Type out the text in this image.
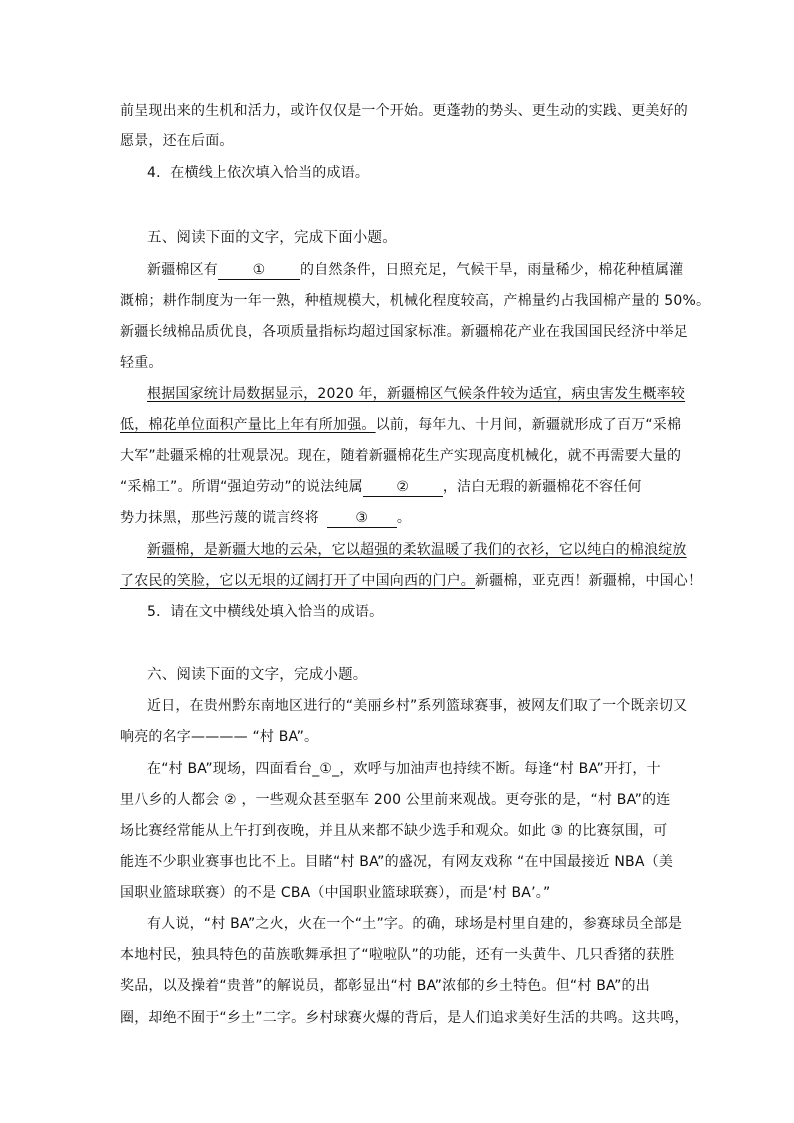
前呈现出来的生机和活力，或许仅仅是一个开始。更蓬勃的势头、更生动的实践、更美好的
愿景，还在后面。
4．在横线上依次填入恰当的成语。
五、阅读下面的文字，完成下面小题。
新疆棉区有 ① 的自然条件，日照充足，气候干旱，雨量稀少，棉花种植属灌
溉棉；耕作制度为一年一熟，种植规模大，机械化程度较高，产棉量约占我国棉产量的 50%。
新疆长绒棉品质优良，各项质量指标均超过国家标准。新疆棉花产业在我国国民经济中举足
轻重。
根据国家统计局数据显示，2020 年，新疆棉区气候条件较为适宜，病虫害发生概率较
低，棉花单位面积产量比上年有所加强。以前，每年九、十月间，新疆就形成了百万“采棉
大军”赴疆采棉的壮观景况。现在，随着新疆棉花生产实现高度机械化，就不再需要大量的
“采棉工”。所谓“强迫劳动”的说法纯属 ② ，洁白无瑕的新疆棉花不容任何
势力抹黑，那些污蔑的谎言终将	③ 。
新疆棉，是新疆大地的云朵，它以超强的柔软温暖了我们的衣衫，它以纯白的棉浪绽放
了农民的笑脸，它以无垠的辽阔打开了中国向西的门户。新疆棉，亚克西！新疆棉，中国心！
5．请在文中横线处填入恰当的成语。
六、阅读下面的文字，完成小题。
近日，在贵州黔东南地区进行的“美丽乡村”系列篮球赛事，被网友们取了一个既亲切又
响亮的名字———— “村 BA”。
在“村 BA”现场，四面看台_①_，欢呼与加油声也持续不断。每逢“村 BA”开打，十
里八乡的人都会 ② ，一些观众甚至驱车 200 公里前来观战。更夸张的是，“村 BA”的连
场比赛经常能从上午打到夜晚，并且从来都不缺少选手和观众。如此 ③ 的比赛氛围，可
能连不少职业赛事也比不上。目睹“村 BA”的盛况，有网友戏称 “在中国最接近 NBA（美
国职业篮球联赛）的不是 CBA（中国职业篮球联赛），而是‘村 BA’。”
有人说，“村 BA”之火，火在一个“土”字。的确，球场是村里自建的，参赛球员全部是
本地村民，独具特色的苗族歌舞承担了“啦啦队”的功能，还有一头黄牛、几只香猪的获胜
奖品，以及操着“贵普”的解说员，都彰显出“村 BA”浓郁的乡土特色。但“村 BA”的出
圈，却绝不囿于“乡土”二字。乡村球赛火爆的背后，是人们追求美好生活的共鸣。这共鸣，
